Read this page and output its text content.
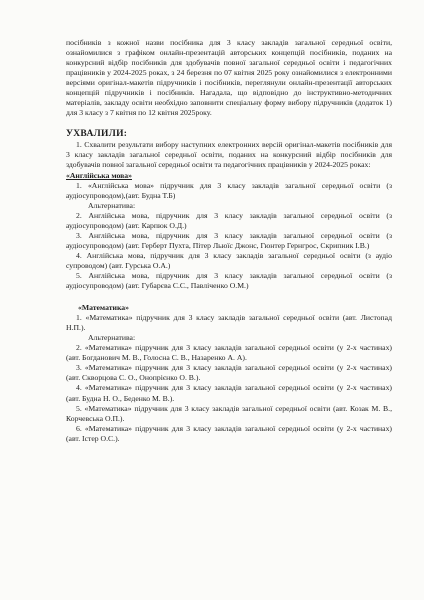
посібників з кожної назви посібника для 3 класу закладів загальної середньої освіти, ознайомилися з графіком онлайн-презентацій авторських концепцій посібників, поданих на конкурсний відбір посібників для здобувачів повної загальної середньої освіти і педагогічних працівників у 2024-2025 роках, з 24 березня по 07 квітня 2025 року ознайомилися з електронними версіями оригінал-макетів підручників і посібників, переглянули онлайн-презентації авторських концепцій підручників і посібників. Нагадала, що відповідно до інструктивно-методичних матеріалів, закладу освіти необхідно заповнити спеціальну форму вибору підручників (додаток 1) для 3 класу з 7 квітня по 12 квітня 2025року.

УХВАЛИЛИ:

1. Схвалити результати вибору наступних електронних версій оригінал-макетів посібників для 3 класу закладів загальної середньої освіти, поданих на конкурсний відбір посібників для здобувачів повної загальної середньої освіти та педагогічних працівників у 2024-2025 роках:

«Англійська мова»

1. «Англійська мова» підручник для 3 класу закладів загальної середньої освіти (з аудіосупроводом),(авт. Будна Т.Б)

Альтернатива:

2. Англійська мова, підручник для 3 класу закладів загальної середньої освіти (з аудіосупроводом) (авт. Карпюк О.Д.)

3. Англійська мова, підручник для 3 класу закладів загальної середньої освіти (з аудіосупроводом) (авт. Герберт Пухта, Пітер Льюїс Джонс, Гюнтер Гернгрос, Скрипник І.В.)

4. Англійська мова, підручник для 3 класу закладів загальної середньої освіти (з аудіо супроводом) (авт. Гурська О.А.)

5. Англійська мова, підручник для 3 класу закладів загальної середньої освіти (з аудіосупроводом) (авт. Губарєва С.С., Павліченко О.М.)

«Математика»

1. «Математика» підручник для 3 класу закладів загальної середньої освіти (авт. Листопад Н.П.).

Альтернатива:

2. «Математика» підручник для 3 класу закладів загальної середньої освіти (у 2-х частинах) (авт. Богданович М. В., Голосна С. В., Назаренко А. А).

3. «Математика» підручник для 3 класу закладів загальної середньої освіти (у 2-х частинах) (авт. Скворцова С. О., Онопрієнко О. В.).

4. «Математика» підручник для 3 класу закладів загальної середньої освіти (у 2-х частинах) (авт. Будна Н. О., Беденко М. В.).

5. «Математика» підручник для 3 класу закладів загальної середньої освіти (авт. Козак М. В., Корчевська О.П.).

6. «Математика» підручник для 3 класу закладів загальної середньої освіти (у 2-х частинах) (авт. Істер О.С.).
